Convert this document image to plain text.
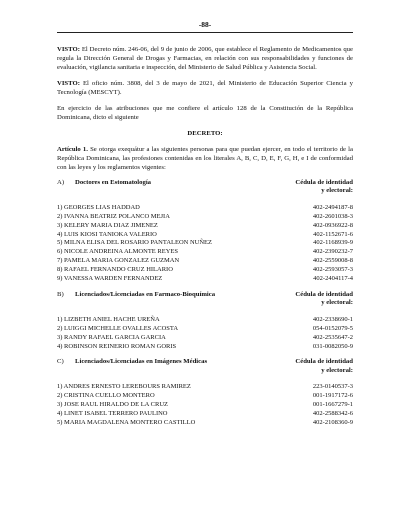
-88-

VISTO: El Decreto núm. 246-06, del 9 de junio de 2006, que establece el Reglamento de Medicamentos que regula la Dirección General de Drogas y Farmacias, en relación con sus responsabilidades y funciones de evaluación, vigilancia sanitaria e inspección, del Ministerio de Salud Pública y Asistencia Social.

VISTO: El oficio núm. 3808, del 3 de mayo de 2021, del Ministerio de Educación Superior Ciencia y Tecnología (MESCYT).

En ejercicio de las atribuciones que me confiere el artículo 128 de la Constitución de la República Dominicana, dicto el siguiente

DECRETO:

Artículo 1. Se otorga exequátur a las siguientes personas para que puedan ejercer, en todo el territorio de la República Dominicana, las profesiones contenidas en los literales A, B, C, D, E, F, G, H, e I de conformidad con las leyes y los reglamentos vigentes:

A)	Doctores en Estomatología	Cédula de identidad
y electoral:
1) GEORGES LIAS HADDAD	402-2494187-8
2) IVANNA BEATRIZ POLANCO MEJIA	402-2601038-3
3) KELERY MARIA DIAZ JIMENEZ	402-0936922-8
4) LUIS KIOSI TANIOKA VALERIO	402-1152671-6
5) MILNA ELISA DEL ROSARIO PANTALEON NUÑEZ	402-1168939-9
6) NICOLE ANDREINA ALMONTE REYES	402-2390232-7
7) PAMELA MARIA GONZALEZ GUZMAN	402-2559008-8
8) RAFAEL FERNANDO CRUZ HILARIO	402-2593057-3
9) VANESSA WARDEN FERNANDEZ	402-2404117-4
B)	Licenciados/Licenciadas en Farmaco-Bioquímica	Cédula de identidad
y electoral:
1) LIZBETH ANIEL HACHE UREÑA	402-2338690-1
2) LUIGGI MICHELLE OVALLES ACOSTA	054-0152079-5
3) RANDY RAFAEL GARCIA GARCIA	402-2535647-2
4) ROBINSON REINERIO ROMAN GORIS	031-0082050-9
C)	Licenciados/Licenciadas en Imágenes Médicas	Cédula de identidad
y electoral:
1) ANDRES ERNESTO LEREBOURS RAMIREZ	223-0140537-3
2) CRISTINA CUELLO MONTERO	001-1917172-6
3) JOSE RAUL HIRALDO DE LA CRUZ	001-1667279-1
4) LINET ISABEL TERRERO PAULINO	402-2588342-6
5) MARIA MAGDALENA MONTERO CASTILLO	402-2108360-9
